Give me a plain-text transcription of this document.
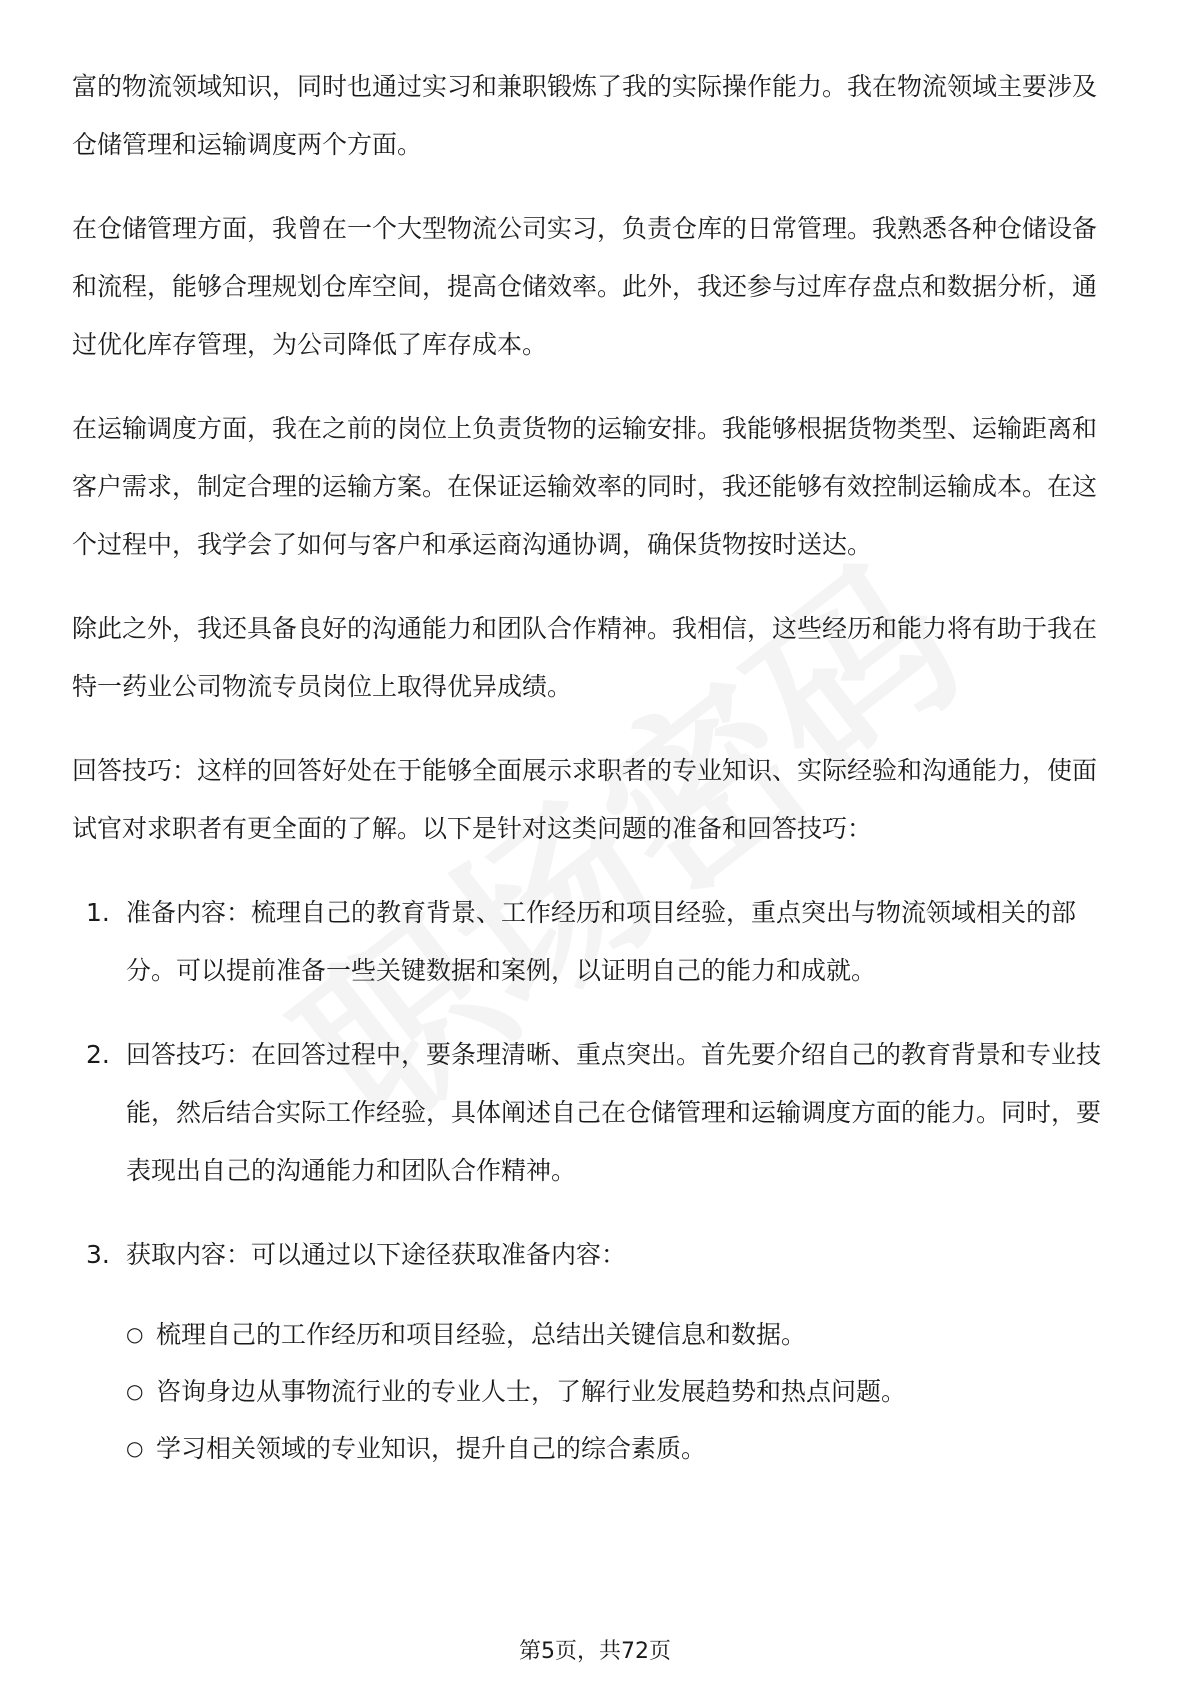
富的物流领域知识，同时也通过实习和兼职锻炼了我的实际操作能力。我在物流领域主要涉及仓储管理和运输调度两个方面。

在仓储管理方面，我曾在一个大型物流公司实习，负责仓库的日常管理。我熟悉各种仓储设备和流程，能够合理规划仓库空间，提高仓储效率。此外，我还参与过库存盘点和数据分析，通过优化库存管理，为公司降低了库存成本。

在运输调度方面，我在之前的岗位上负责货物的运输安排。我能够根据货物类型、运输距离和客户需求，制定合理的运输方案。在保证运输效率的同时，我还能够有效控制运输成本。在这个过程中，我学会了如何与客户和承运商沟通协调，确保货物按时送达。

除此之外，我还具备良好的沟通能力和团队合作精神。我相信，这些经历和能力将有助于我在特一药业公司物流专员岗位上取得优异成绩。

回答技巧：这样的回答好处在于能够全面展示求职者的专业知识、实际经验和沟通能力，使面试官对求职者有更全面的了解。以下是针对这类问题的准备和回答技巧：

1. 准备内容：梳理自己的教育背景、工作经历和项目经验，重点突出与物流领域相关的部分。可以提前准备一些关键数据和案例，以证明自己的能力和成就。
2. 回答技巧：在回答过程中，要条理清晰、重点突出。首先要介绍自己的教育背景和专业技能，然后结合实际工作经验，具体阐述自己在仓储管理和运输调度方面的能力。同时，要表现出自己的沟通能力和团队合作精神。
3. 获取内容：可以通过以下途径获取准备内容：
○ 梳理自己的工作经历和项目经验，总结出关键信息和数据。
○ 咨询身边从事物流行业的专业人士，了解行业发展趋势和热点问题。
○ 学习相关领域的专业知识，提升自己的综合素质。
第5页，共72页
